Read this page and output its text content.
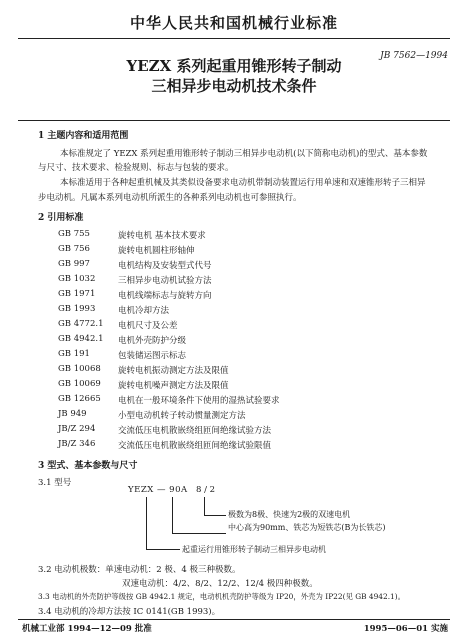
中华人民共和国机械行业标准
JB 7562—1994
YEZX 系列起重用锥形转子制动
三相异步电动机技术条件
1 主题内容和适用范围
本标准规定了 YEZX 系列起重用锥形转子制动三相异步电动机(以下简称电动机)的型式、基本参数
与尺寸、技术要求、检验规则、标志与包装的要求。
本标准适用于各种起重机械及其类似设备要求电动机带制动装置运行用单速和双速锥形转子三相异
步电动机。凡属本系列电动机所派生的各种系列电动机也可参照执行。
2 引用标准
GB 755	旋转电机 基本技术要求
GB 756	旋转电机圆柱形轴伸
GB 997	电机结构及安装型式代号
GB 1032	三相异步电动机试验方法
GB 1971	电机线端标志与旋转方向
GB 1993	电机冷却方法
GB 4772.1	电机尺寸及公差
GB 4942.1	电机外壳防护分级
GB 191	包装储运图示标志
GB 10068	旋转电机振动测定方法及限值
GB 10069	旋转电机噪声测定方法及限值
GB 12665	电机在一般环境条件下使用的湿热试验要求
JB 949	小型电动机转子转动惯量测定方法
JB/Z 294	交流低压电机散嵌绕组匝间绝缘试验方法
JB/Z 346	交流低压电机散嵌绕组匝间绝缘试验限值
3 型式、基本参数与尺寸
3.1 型号
YEZX — 90A 8 / 2
极数为8极、快速为2极的双速电机
中心高为90mm、铁芯为短铁芯(B为长铁芯)
起重运行用锥形转子制动三相异步电动机
3.2 电动机极数：单速电动机：2 极、4 极三种极数。
双速电动机：4/2、8/2、12/2、12/4 极四种极数。
3.3 电动机的外壳防护等级按 GB 4942.1 规定，电动机机壳防护等级为 IP20，外壳为 IP22(见 GB 4942.1)。
3.4 电动机的冷却方法按 IC 0141(GB 1993)。
机械工业部 1994—12—09 批准	1995—06—01 实施
